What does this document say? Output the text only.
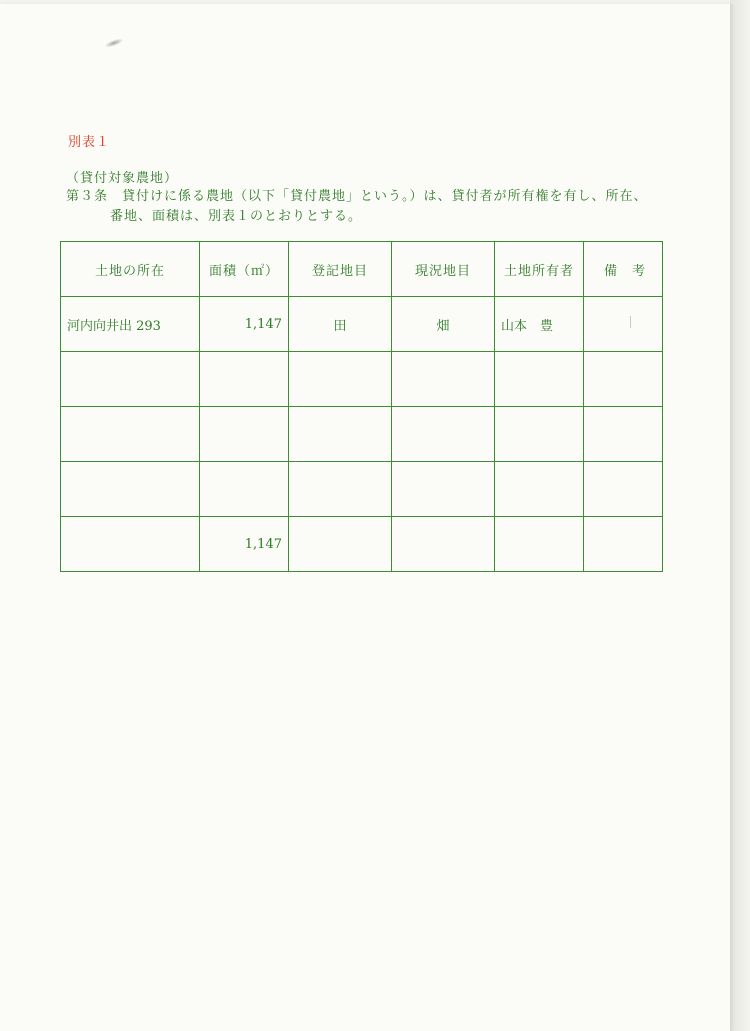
別表１
（貸付対象農地）
第３条 貸付けに係る農地（以下「貸付農地」という。）は、貸付者が所有権を有し、所在、
番地、面積は、別表１のとおりとする。
土地の所在	面積（㎡）	登記地目	現況地目	土地所有者	備 考

河内向井出 293	1,147	田	畑	山本　豊	

	1,147				
